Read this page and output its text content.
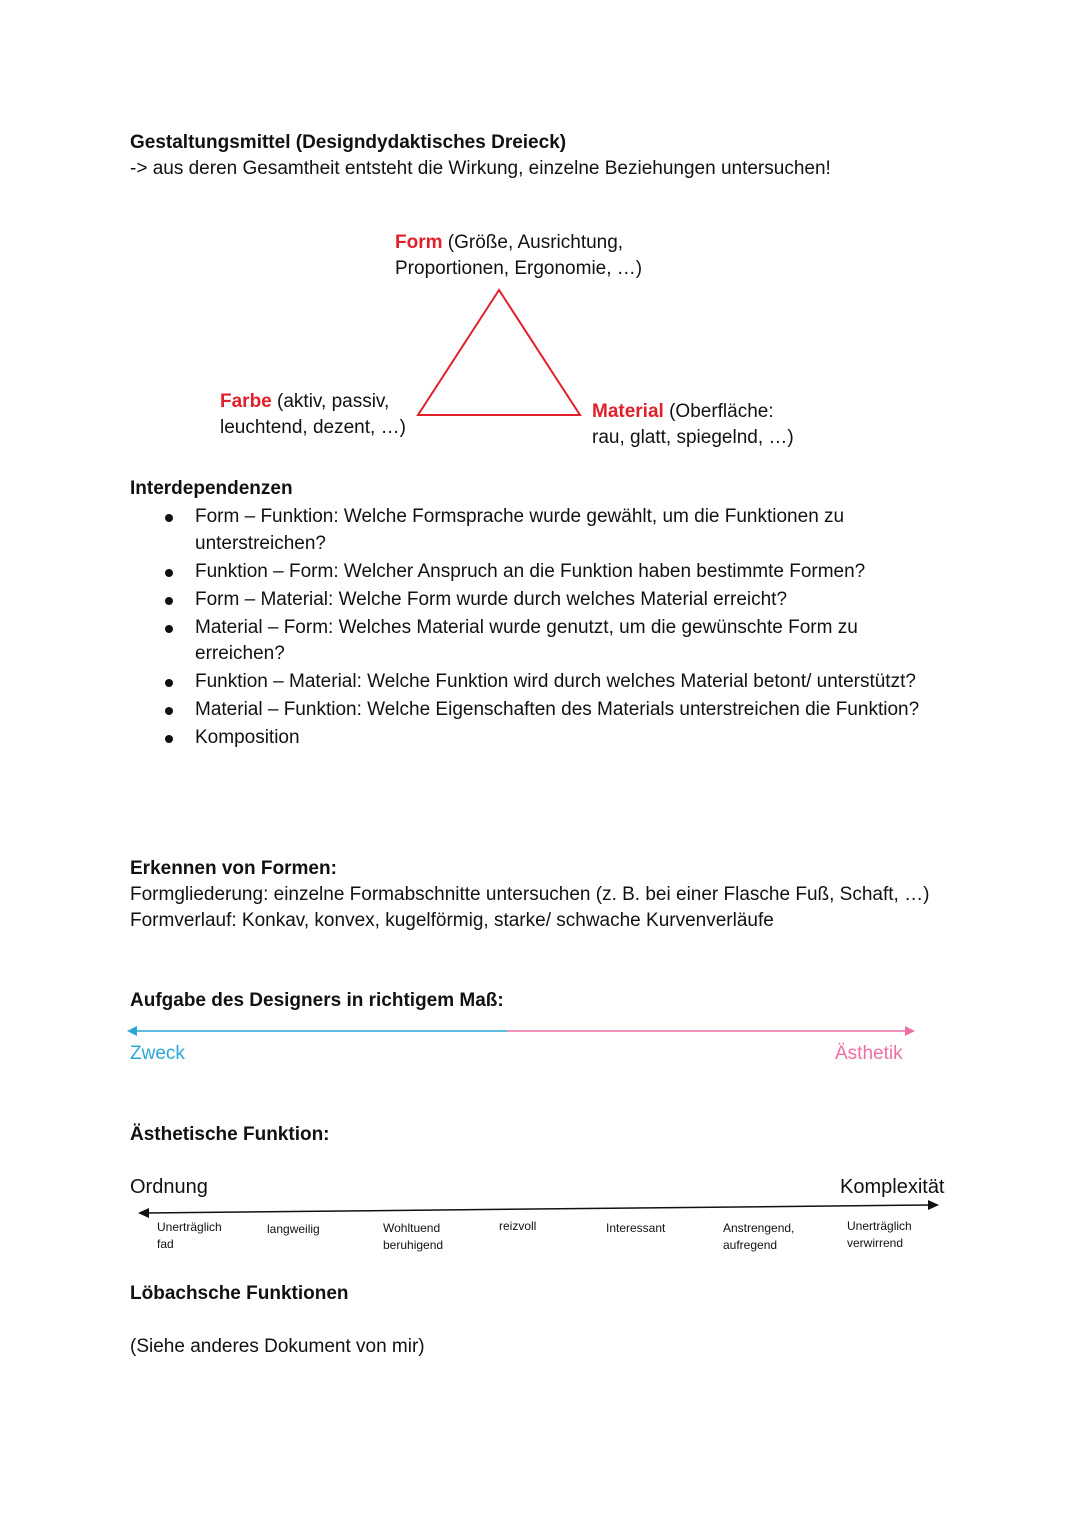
Gestaltungsmittel (Designdydaktisches Dreieck)
-> aus deren Gesamtheit entsteht die Wirkung, einzelne Beziehungen untersuchen!
Form (Größe, Ausrichtung,
Proportionen, Ergonomie, …)
Farbe (aktiv, passiv,
leuchtend, dezent, …)
Material (Oberfläche:
rau, glatt, spiegelnd, …)
Interdependenzen
Form – Funktion: Welche Formsprache wurde gewählt, um die Funktionen zu unterstreichen?
Funktion – Form: Welcher Anspruch an die Funktion haben bestimmte Formen?
Form – Material: Welche Form wurde durch welches Material erreicht?
Material – Form: Welches Material wurde genutzt, um die gewünschte Form zu erreichen?
Funktion – Material: Welche Funktion wird durch welches Material betont/ unterstützt?
Material – Funktion: Welche Eigenschaften des Materials unterstreichen die Funktion?
Komposition
Erkennen von Formen:
Formgliederung: einzelne Formabschnitte untersuchen (z. B. bei einer Flasche Fuß, Schaft, …)
Formverlauf: Konkav, konvex, kugelförmig, starke/ schwache Kurvenverläufe
Aufgabe des Designers in richtigem Maß:
Zweck	Ästhetik
Ästhetische Funktion:
Ordnung	Komplexität
Unerträglich
fad
langweilig	Wohltuend
beruhigend
reizvoll	Interessant	Anstrengend,
aufregend
Unerträglich
verwirrend
Löbachsche Funktionen
(Siehe anderes Dokument von mir)
